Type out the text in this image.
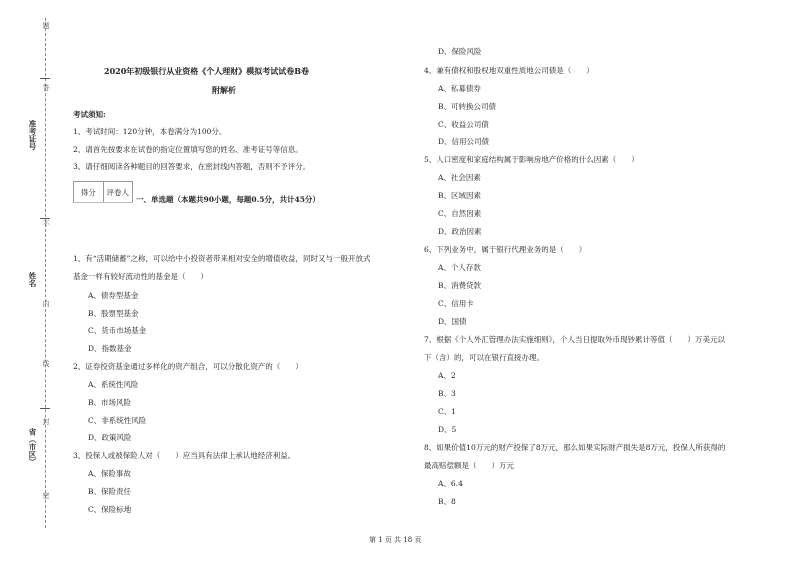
题
答
不
内
线
封
密
准考证号
姓名
省（市区）
2020年初级银行从业资格《个人理财》模拟考试试卷B卷
附解析
考试须知:
1、考试时间：120分钟，本卷满分为100分。
2、请首先按要求在试卷的指定位置填写您的姓名、准考证号等信息。
3、请仔细阅读各种题目的回答要求，在密封线内答题，否则不予评分。
得分	评卷人
一、单选题（本题共90小题，每题0.5分，共计45分）
1、有“活期储蓄”之称，可以给中小投资者带来相对安全的增值收益，同时又与一般开放式
基金一样有较好流动性的基金是（　　）
A、债券型基金
B、股票型基金
C、货币市场基金
D、指数基金
2、证券投资基金通过多样化的资产组合，可以分散化资产的（　　）
A、系统性风险
B、市场风险
C、非系统性风险
D、政策风险
3、投保人或被保险人对（　　）应当具有法律上承认地经济利益。
A、保险事故
B、保险责任
C、保险标地
D、保险风险
4、兼有债权和股权地双重性质地公司债是（　　）
A、私募债券
B、可转换公司债
C、收益公司债
D、信用公司债
5、人口密度和家庭结构属于影响房地产价格的什么因素（　　）
A、社会因素
B、区域因素
C、自然因素
D、政治因素
6、下列业务中，属于银行代理业务的是（　　）
A、个人存款
B、消费贷款
C、信用卡
D、国债
7、根据《个人外汇管理办法实施细则》，个人当日提取外币现钞累计等值（　　）万美元以
下（含）的，可以在银行直接办理。
A、2
B、3
C、1
D、5
8、如果价值10万元的财产投保了8万元，那么如果实际财产损失是8万元，投保人所获得的
最高赔偿额是（　　）万元
A、6.4
B、8
第 1 页 共 18 页
